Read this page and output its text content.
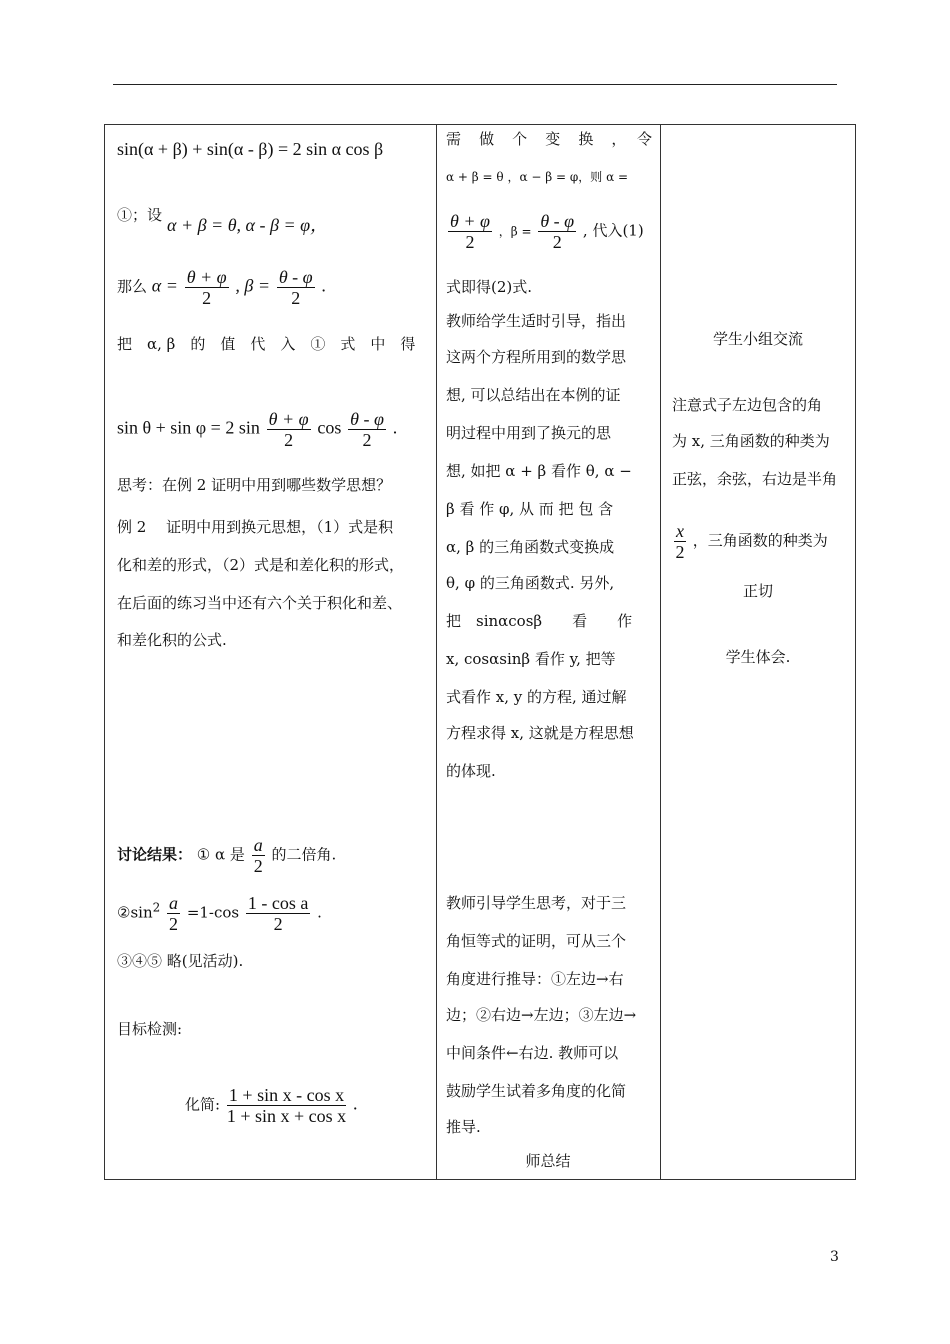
sin(α + β) + sin(α - β) = 2 sin α cos β
①；设 α + β = θ, α - β = φ，
那么 $\alpha = \frac{\theta + \varphi}{2}$ , $\beta = \frac{\theta - \varphi}{2}$ .
把　α, β　的　值　代　入　①　式　中　得
sin θ + sin φ = 2 $\sin \frac{\theta + \varphi}{2}$ $\cos \frac{\theta - \varphi}{2}$ .
思考：在例 2 证明中用到哪些数学思想？
例 2　 证明中用到换元思想，（1）式是积
化和差的形式，（2）式是和差化积的形式，
在后面的练习当中还有六个关于积化和差、
和差化积的公式.
讨论结果： ① α 是 $\frac{a}{2}$ 的二倍角.
$②\sin^2 \frac{a}{2} =1-\cos \frac{\text{1 - cos a}}{2}$ .
③④⑤ 略(见活动).
目标检测:
化简: $\frac{\text{1 + sin x - cos x}}{\text{1 + sin x + cos x}}$ .
需　做　个　变　换　，　令
α + β = θ ，α − β = φ，则 α =
$\frac{\theta + \varphi}{2}$ ，$\beta = \frac{\theta - \varphi}{2}$ , 代入(1)
式即得(2)式.
教师给学生适时引导，指出
这两个方程所用到的数学思
想, 可以总结出在本例的证
明过程中用到了换元的思
想, 如把 α + β 看作 θ, α −
β 看 作 φ, 从 而 把 包 含
α, β 的三角函数式变换成
θ, φ 的三角函数式. 另外,
把　sinαcosβ　　看　　作
x, cosαsinβ 看作 y, 把等
式看作 x, y 的方程, 通过解
方程求得 x, 这就是方程思想
的体现.
教师引导学生思考，对于三
角恒等式的证明，可从三个
角度进行推导：①左边→右
边；②右边→左边；③左边→
中间条件←右边. 教师可以
鼓励学生试着多角度的化简
推导.
师总结
学生小组交流
注意式子左边包含的角
为 x, 三角函数的种类为
正弦，余弦，右边是半角
$\frac{x}{2}$ ，三角函数的种类为
正切
学生体会.
3
